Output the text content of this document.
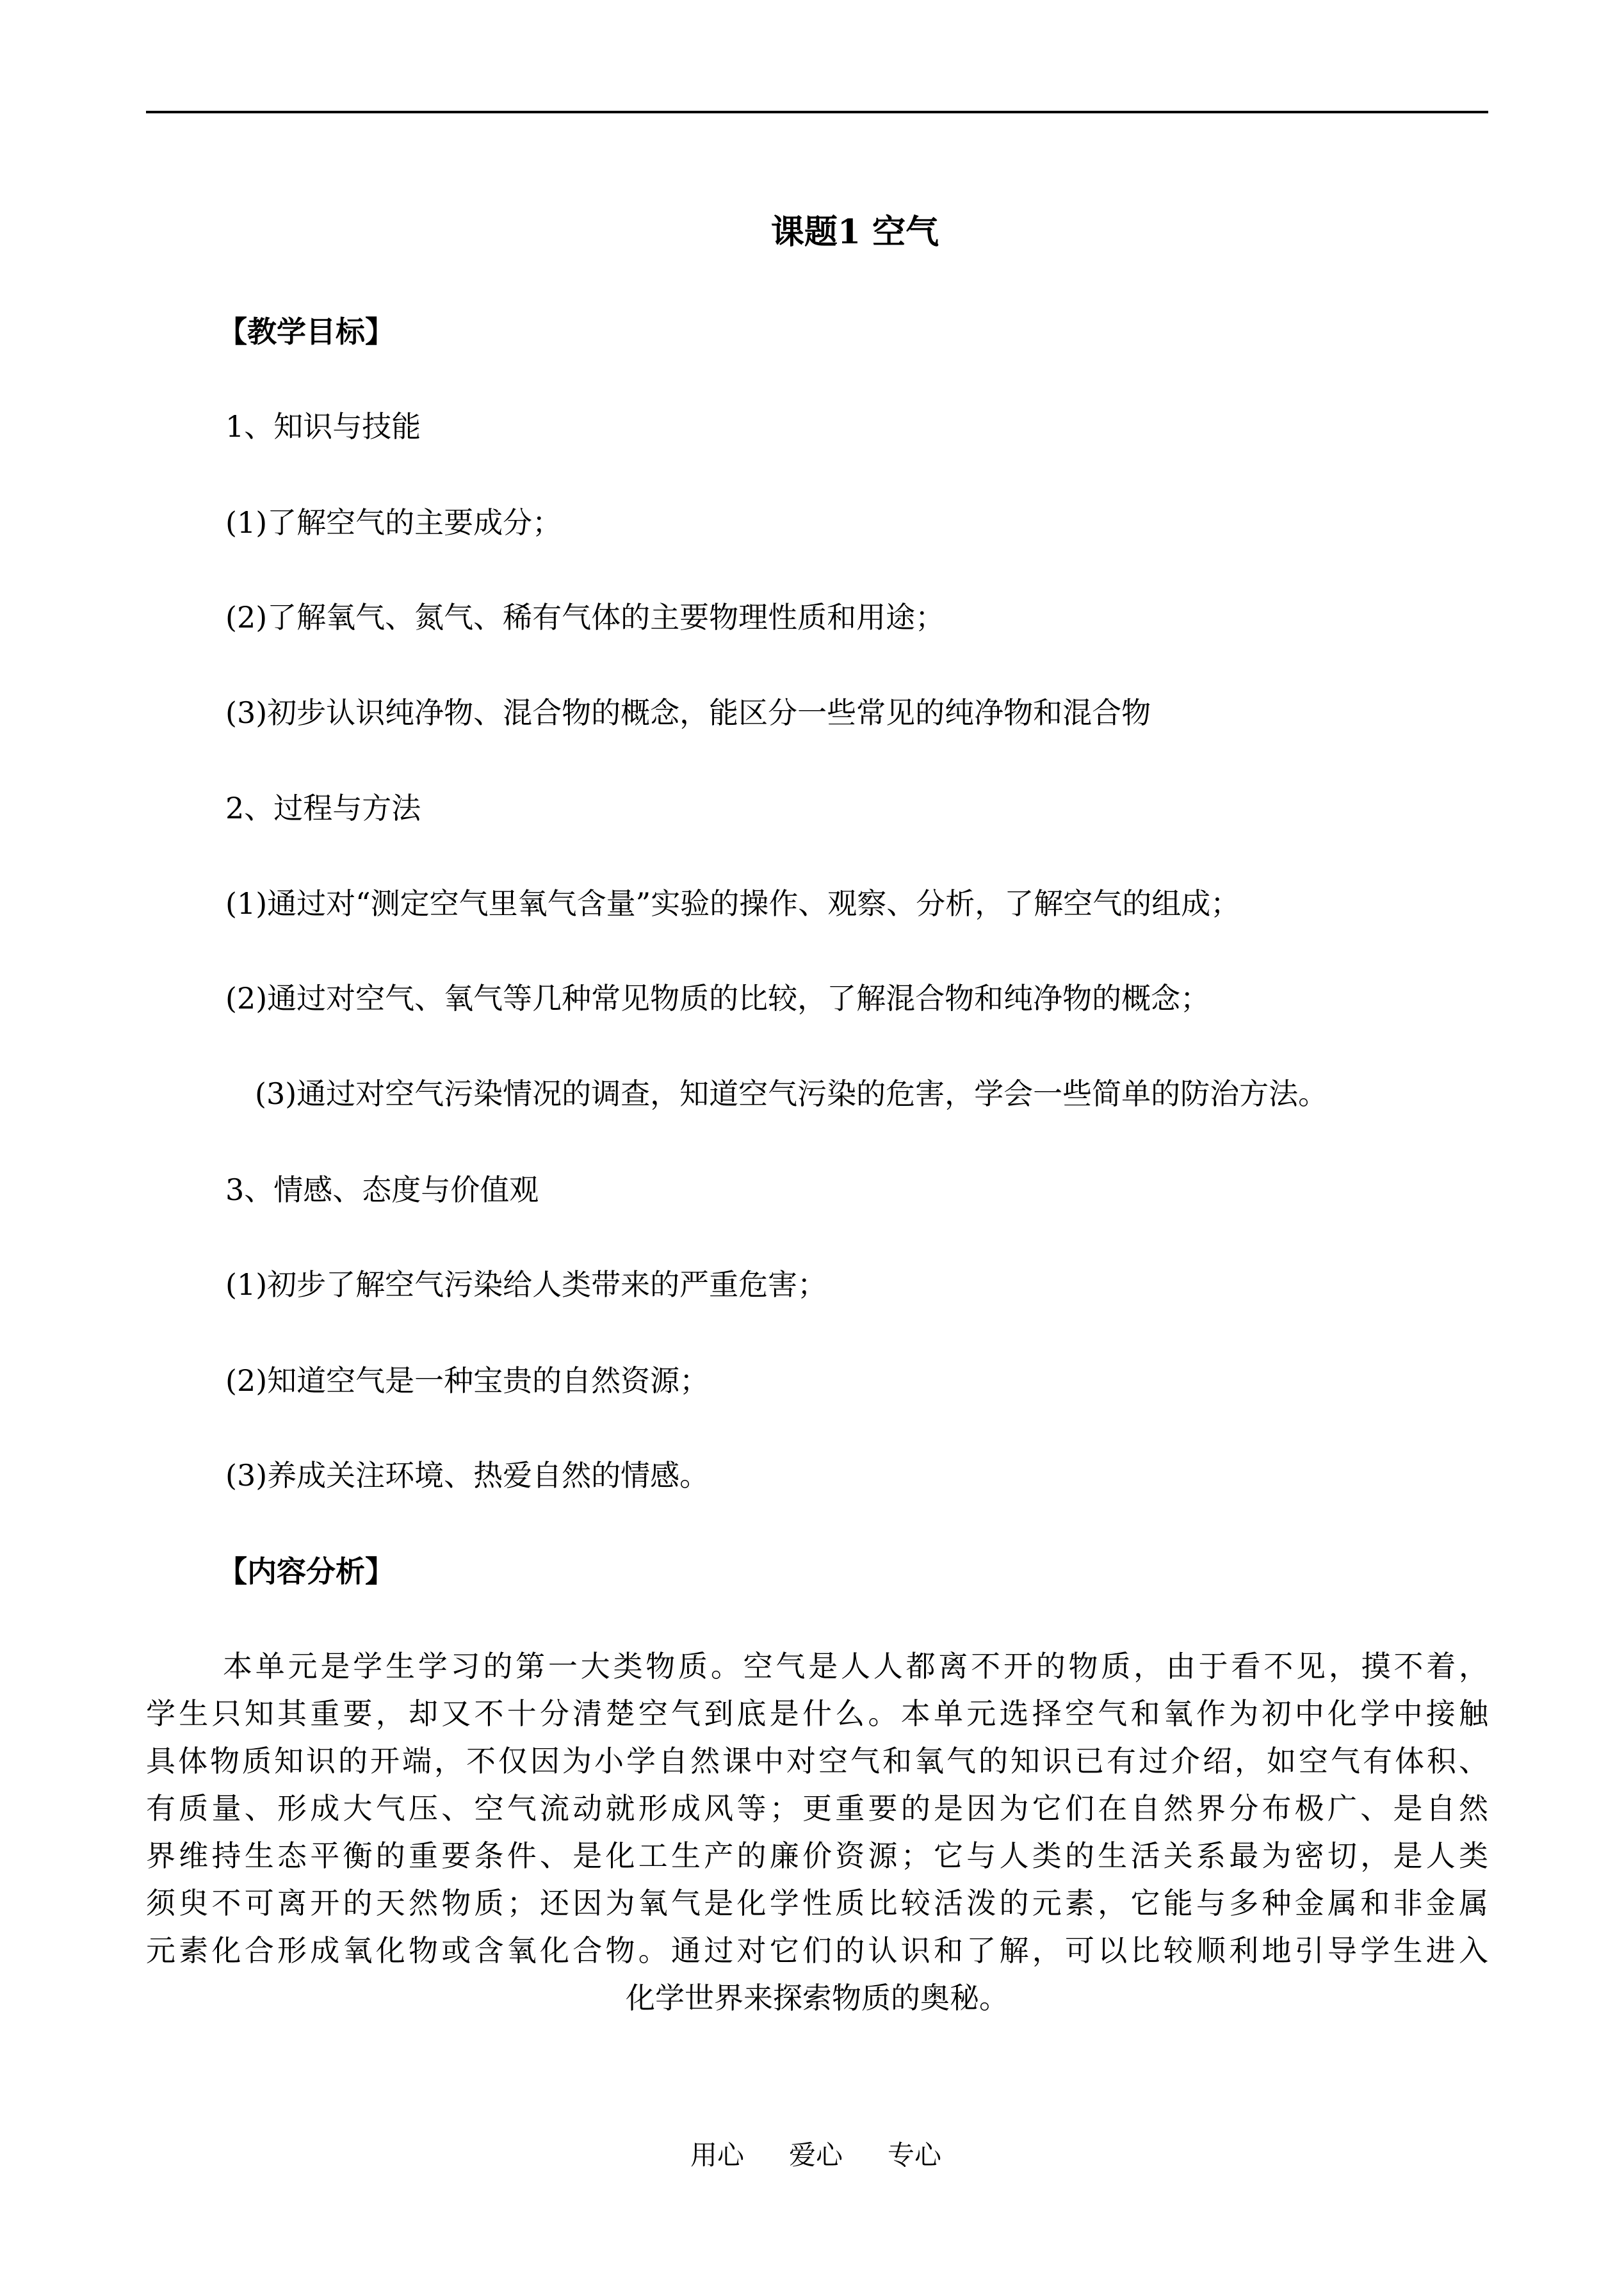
课题1 空气
【教学目标】
1、知识与技能
(1)了解空气的主要成分；
(2)了解氧气、氮气、稀有气体的主要物理性质和用途；
(3)初步认识纯净物、混合物的概念，能区分一些常见的纯净物和混合物
2、过程与方法
(1)通过对“测定空气里氧气含量”实验的操作、观察、分析，了解空气的组成；
(2)通过对空气、氧气等几种常见物质的比较，了解混合物和纯净物的概念；
(3)通过对空气污染情况的调查，知道空气污染的危害，学会一些简单的防治方法。
3、情感、态度与价值观
(1)初步了解空气污染给人类带来的严重危害；
(2)知道空气是一种宝贵的自然资源；
(3)养成关注环境、热爱自然的情感。
【内容分析】
本单元是学生学习的第一大类物质。空气是人人都离不开的物质，由于看不见，摸不着，
学生只知其重要，却又不十分清楚空气到底是什么。本单元选择空气和氧作为初中化学中接触
具体物质知识的开端，不仅因为小学自然课中对空气和氧气的知识已有过介绍，如空气有体积、
有质量、形成大气压、空气流动就形成风等；更重要的是因为它们在自然界分布极广、是自然
界维持生态平衡的重要条件、是化工生产的廉价资源；它与人类的生活关系最为密切，是人类
须臾不可离开的天然物质；还因为氧气是化学性质比较活泼的元素，它能与多种金属和非金属
元素化合形成氧化物或含氧化合物。通过对它们的认识和了解，可以比较顺利地引导学生进入
化学世界来探索物质的奥秘。
用心 爱心 专心
